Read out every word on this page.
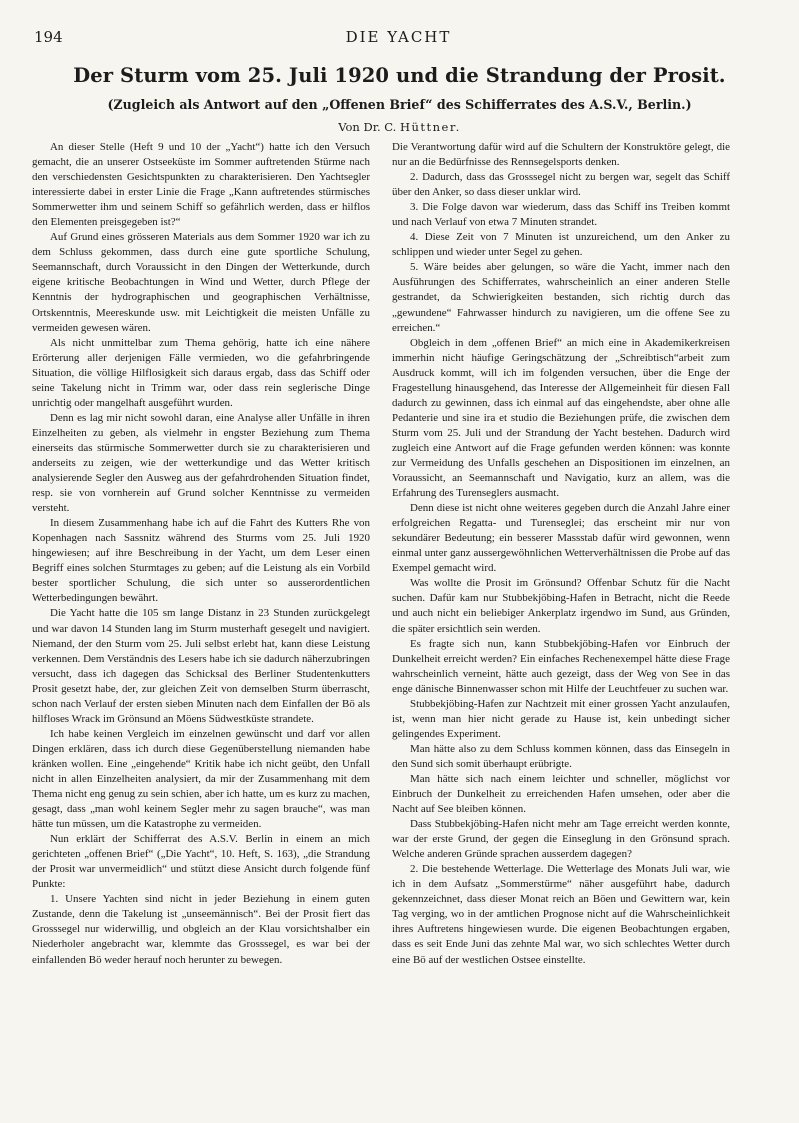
194	DIE YACHT
Der Sturm vom 25. Juli 1920 und die Strandung der Prosit.
(Zugleich als Antwort auf den „Offenen Brief“ des Schifferrates des A.S.V., Berlin.)
Von Dr. C. Hüttner.

An dieser Stelle (Heft 9 und 10 der „Yacht“) hatte ich den Versuch gemacht, die an unserer Ostseeküste im Sommer auftretenden Stürme nach den verschiedensten Gesichtspunkten zu charakterisieren. Den Yachtsegler interessierte dabei in erster Linie die Frage „Kann auftretendes stürmisches Sommerwetter ihm und seinem Schiff so gefährlich werden, dass er hilflos den Elementen preisgegeben ist?“

Auf Grund eines grösseren Materials aus dem Sommer 1920 war ich zu dem Schluss gekommen, dass durch eine gute sportliche Schulung, Seemannschaft, durch Voraussicht in den Dingen der Wetterkunde, durch eigene kritische Beobachtungen in Wind und Wetter, durch Pflege der Kenntnis der hydrographischen und geographischen Verhältnisse, Ortskenntnis, Meereskunde usw. mit Leichtigkeit die meisten Unfälle zu vermeiden gewesen wären.

Als nicht unmittelbar zum Thema gehörig, hatte ich eine nähere Erörterung aller derjenigen Fälle vermieden, wo die gefahrbringende Situation, die völlige Hilflosigkeit sich daraus ergab, dass das Schiff oder seine Takelung nicht in Trimm war, oder dass rein seglerische Dinge unrichtig oder mangelhaft ausgeführt wurden.

Denn es lag mir nicht sowohl daran, eine Analyse aller Unfälle in ihren Einzelheiten zu geben, als vielmehr in engster Beziehung zum Thema einerseits das stürmische Sommerwetter durch sie zu charakterisieren und anderseits zu zeigen, wie der wetterkundige und das Wetter kritisch analysierende Segler den Ausweg aus der gefahrdrohenden Situation findet, resp. sie von vornherein auf Grund solcher Kenntnisse zu vermeiden versteht.

In diesem Zusammenhang habe ich auf die Fahrt des Kutters Rhe von Kopenhagen nach Sassnitz während des Sturms vom 25. Juli 1920 hingewiesen; auf ihre Beschreibung in der Yacht, um dem Leser einen Begriff eines solchen Sturmtages zu geben; auf die Leistung als ein Vorbild bester sportlicher Schulung, die sich unter so ausserordentlichen Wetterbedingungen bewährt.

Die Yacht hatte die 105 sm lange Distanz in 23 Stunden zurückgelegt und war davon 14 Stunden lang im Sturm musterhaft gesegelt und navigiert. Niemand, der den Sturm vom 25. Juli selbst erlebt hat, kann diese Leistung verkennen. Dem Verständnis des Lesers habe ich sie dadurch näherzubringen versucht, dass ich dagegen das Schicksal des Berliner Studentenkutters Prosit gesetzt habe, der, zur gleichen Zeit von demselben Sturm überrascht, schon nach Verlauf der ersten sieben Minuten nach dem Einfallen der Bö als hilfloses Wrack im Grönsund an Möens Südwestküste strandete.

Ich habe keinen Vergleich im einzelnen gewünscht und darf vor allen Dingen erklären, dass ich durch diese Gegenüberstellung niemanden habe kränken wollen. Eine „eingehende“ Kritik habe ich nicht geübt, den Unfall nicht in allen Einzelheiten analysiert, da mir der Zusammenhang mit dem Thema nicht eng genug zu sein schien, aber ich hatte, um es kurz zu machen, gesagt, dass „man wohl keinem Segler mehr zu sagen brauche“, was man hätte tun müssen, um die Katastrophe zu vermeiden.

Nun erklärt der Schifferrat des A.S.V. Berlin in einem an mich gerichteten „offenen Brief“ („Die Yacht“, 10. Heft, S. 163), „die Strandung der Prosit war unvermeidlich“ und stützt diese Ansicht durch folgende fünf Punkte:

1. Unsere Yachten sind nicht in jeder Beziehung in einem guten Zustande, denn die Takelung ist „unseemännisch“. Bei der Prosit fiert das Grosssegel nur widerwillig, und obgleich an der Klau vorsichtshalber ein Niederholer angebracht war, klemmte das Grosssegel, es war bei der einfallenden Bö weder herauf noch herunter zu bewegen.

Die Verantwortung dafür wird auf die Schultern der Konstruktöre gelegt, die nur an die Bedürfnisse des Rennsegelsports denken.

2. Dadurch, dass das Grosssegel nicht zu bergen war, segelt das Schiff über den Anker, so dass dieser unklar wird.

3. Die Folge davon war wiederum, dass das Schiff ins Treiben kommt und nach Verlauf von etwa 7 Minuten strandet.

4. Diese Zeit von 7 Minuten ist unzureichend, um den Anker zu schlippen und wieder unter Segel zu gehen.

5. Wäre beides aber gelungen, so wäre die Yacht, immer nach den Ausführungen des Schifferrates, wahrscheinlich an einer anderen Stelle gestrandet, da Schwierigkeiten bestanden, sich richtig durch das „gewundene“ Fahrwasser hindurch zu navigieren, um die offene See zu erreichen.“

Obgleich in dem „offenen Brief“ an mich eine in Akademikerkreisen immerhin nicht häufige Geringschätzung der „Schreibtisch“arbeit zum Ausdruck kommt, will ich im folgenden versuchen, über die Enge der Fragestellung hinausgehend, das Interesse der Allgemeinheit für diesen Fall dadurch zu gewinnen, dass ich einmal auf das eingehendste, aber ohne alle Pedanterie und sine ira et studio die Beziehungen prüfe, die zwischen dem Sturm vom 25. Juli und der Strandung der Yacht bestehen. Dadurch wird zugleich eine Antwort auf die Frage gefunden werden können: was konnte zur Vermeidung des Unfalls geschehen an Dispositionen im einzelnen, an Voraussicht, an Seemannschaft und Navigatio, kurz an allem, was die Erfahrung des Turenseglers ausmacht.

Denn diese ist nicht ohne weiteres gegeben durch die Anzahl Jahre einer erfolgreichen Regatta- und Turenseglei; das erscheint mir nur von sekundärer Bedeutung; ein besserer Massstab dafür wird gewonnen, wenn einmal unter ganz aussergewöhnlichen Wetterverhältnissen die Probe auf das Exempel gemacht wird.

Was wollte die Prosit im Grönsund? Offenbar Schutz für die Nacht suchen. Dafür kam nur Stubbekjöbing-Hafen in Betracht, nicht die Reede und auch nicht ein beliebiger Ankerplatz irgendwo im Sund, aus Gründen, die später ersichtlich sein werden.

Es fragte sich nun, kann Stubbekjöbing-Hafen vor Einbruch der Dunkelheit erreicht werden? Ein einfaches Rechenexempel hätte diese Frage wahrscheinlich verneint, hätte auch gezeigt, dass der Weg von See in das enge dänische Binnenwasser schon mit Hilfe der Leuchtfeuer zu suchen war.

Stubbekjöbing-Hafen zur Nachtzeit mit einer grossen Yacht anzulaufen, ist, wenn man hier nicht gerade zu Hause ist, kein unbedingt sicher gelingendes Experiment.

Man hätte also zu dem Schluss kommen können, dass das Einsegeln in den Sund sich somit überhaupt erübrigte.

Man hätte sich nach einem leichter und schneller, möglichst vor Einbruch der Dunkelheit zu erreichenden Hafen umsehen, oder aber die Nacht auf See bleiben können.

Dass Stubbekjöbing-Hafen nicht mehr am Tage erreicht werden konnte, war der erste Grund, der gegen die Einseglung in den Grönsund sprach. Welche anderen Gründe sprachen ausserdem dagegen?

2. Die bestehende Wetterlage. Die Wetterlage des Monats Juli war, wie ich in dem Aufsatz „Sommerstürme“ näher ausgeführt habe, dadurch gekennzeichnet, dass dieser Monat reich an Böen und Gewittern war, kein Tag verging, wo in der amtlichen Prognose nicht auf die Wahrscheinlichkeit ihres Auftretens hingewiesen wurde. Die eigenen Beobachtungen ergaben, dass es seit Ende Juni das zehnte Mal war, wo sich schlechtes Wetter durch eine Bö auf der westlichen Ostsee einstellte.
